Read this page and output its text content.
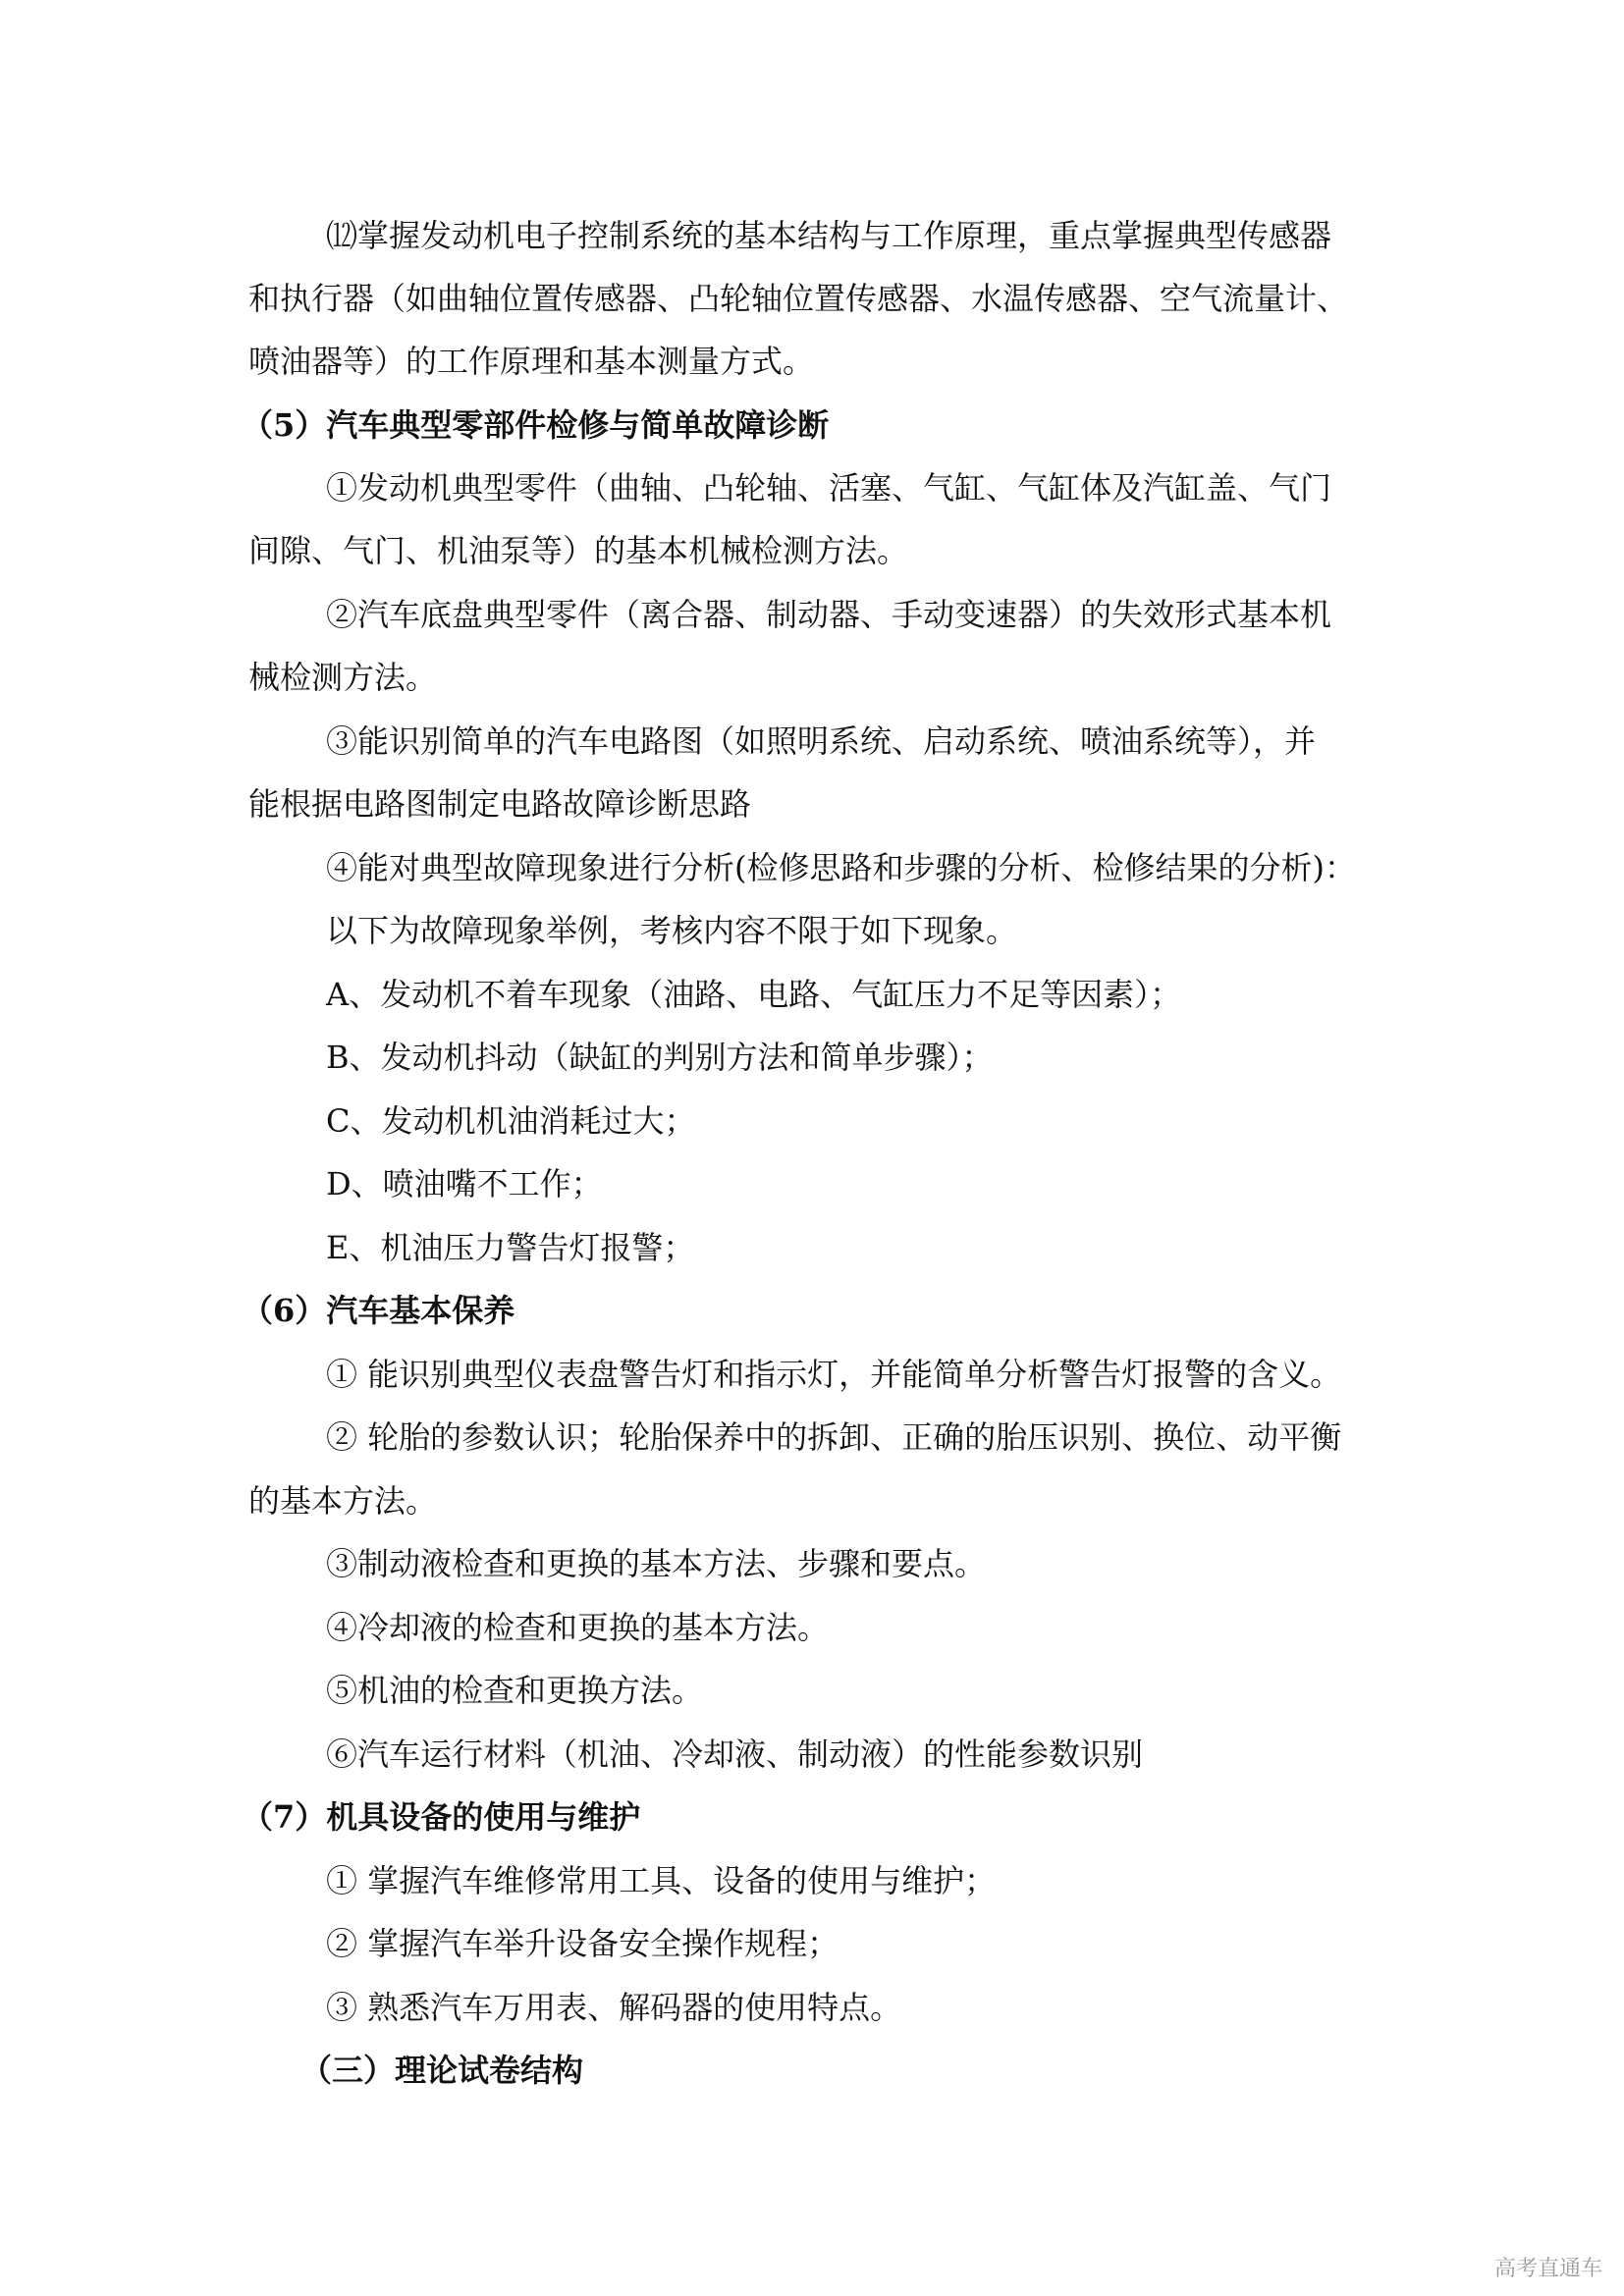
⑿掌握发动机电子控制系统的基本结构与工作原理，重点掌握典型传感器
和执行器（如曲轴位置传感器、凸轮轴位置传感器、水温传感器、空气流量计、
喷油器等）的工作原理和基本测量方式。
（5）汽车典型零部件检修与简单故障诊断
①发动机典型零件（曲轴、凸轮轴、活塞、气缸、气缸体及汽缸盖、气门
间隙、气门、机油泵等）的基本机械检测方法。
②汽车底盘典型零件（离合器、制动器、手动变速器）的失效形式基本机
械检测方法。
③能识别简单的汽车电路图（如照明系统、启动系统、喷油系统等），并
能根据电路图制定电路故障诊断思路
④能对典型故障现象进行分析(检修思路和步骤的分析、检修结果的分析)：
以下为故障现象举例，考核内容不限于如下现象。
A、发动机不着车现象（油路、电路、气缸压力不足等因素）；
B、发动机抖动（缺缸的判别方法和简单步骤）；
C、发动机机油消耗过大；
D、喷油嘴不工作；
E、机油压力警告灯报警；
（6）汽车基本保养
① 能识别典型仪表盘警告灯和指示灯，并能简单分析警告灯报警的含义。
② 轮胎的参数认识；轮胎保养中的拆卸、正确的胎压识别、换位、动平衡
的基本方法。
③制动液检查和更换的基本方法、步骤和要点。
④冷却液的检查和更换的基本方法。
⑤机油的检查和更换方法。
⑥汽车运行材料（机油、冷却液、制动液）的性能参数识别
（7）机具设备的使用与维护
① 掌握汽车维修常用工具、设备的使用与维护；
② 掌握汽车举升设备安全操作规程；
③ 熟悉汽车万用表、解码器的使用特点。
（三）理论试卷结构
高考直通车
